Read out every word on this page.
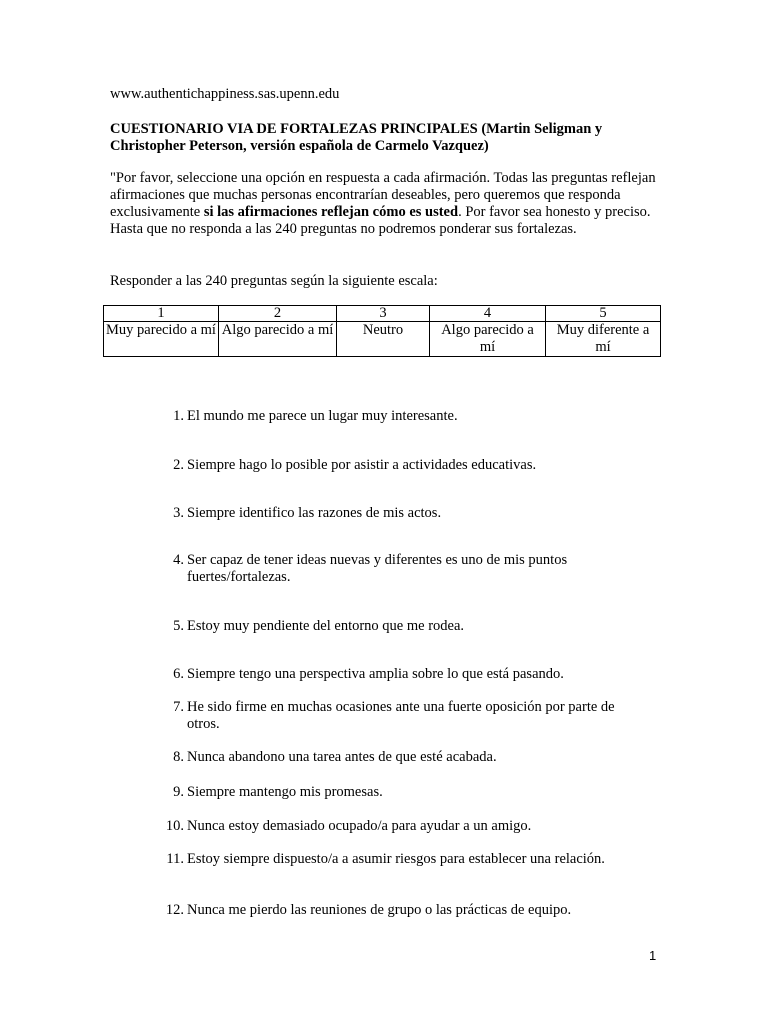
www.authentichappiness.sas.upenn.edu
CUESTIONARIO VIA DE FORTALEZAS PRINCIPALES (Martin Seligman y Christopher Peterson, versión española de Carmelo Vazquez)
"Por favor, seleccione una opción en respuesta a cada afirmación. Todas las preguntas reflejan afirmaciones que muchas personas encontrarían deseables, pero queremos que responda exclusivamente si las afirmaciones reflejan cómo es usted. Por favor sea honesto y preciso. Hasta que no responda a las 240 preguntas no podremos ponderar sus fortalezas.
Responder a las 240 preguntas según la siguiente escala:
1	2	3	4	5
Muy parecido a mí	Algo parecido a mí	Neutro	Algo parecido a mí	Muy diferente a mí
1. El mundo me parece un lugar muy interesante.
2. Siempre hago lo posible por asistir a actividades educativas.
3. Siempre identifico las razones de mis actos.
4. Ser capaz de tener ideas nuevas y diferentes es uno de mis puntos fuertes/fortalezas.
5. Estoy muy pendiente del entorno que me rodea.
6. Siempre tengo una perspectiva amplia sobre lo que está pasando.
7. He sido firme en muchas ocasiones ante una fuerte oposición por parte de otros.
8. Nunca abandono una tarea antes de que esté acabada.
9. Siempre mantengo mis promesas.
10. Nunca estoy demasiado ocupado/a para ayudar a un amigo.
11. Estoy siempre dispuesto/a a asumir riesgos para establecer una relación.
12. Nunca me pierdo las reuniones de grupo o las prácticas de equipo.
1
